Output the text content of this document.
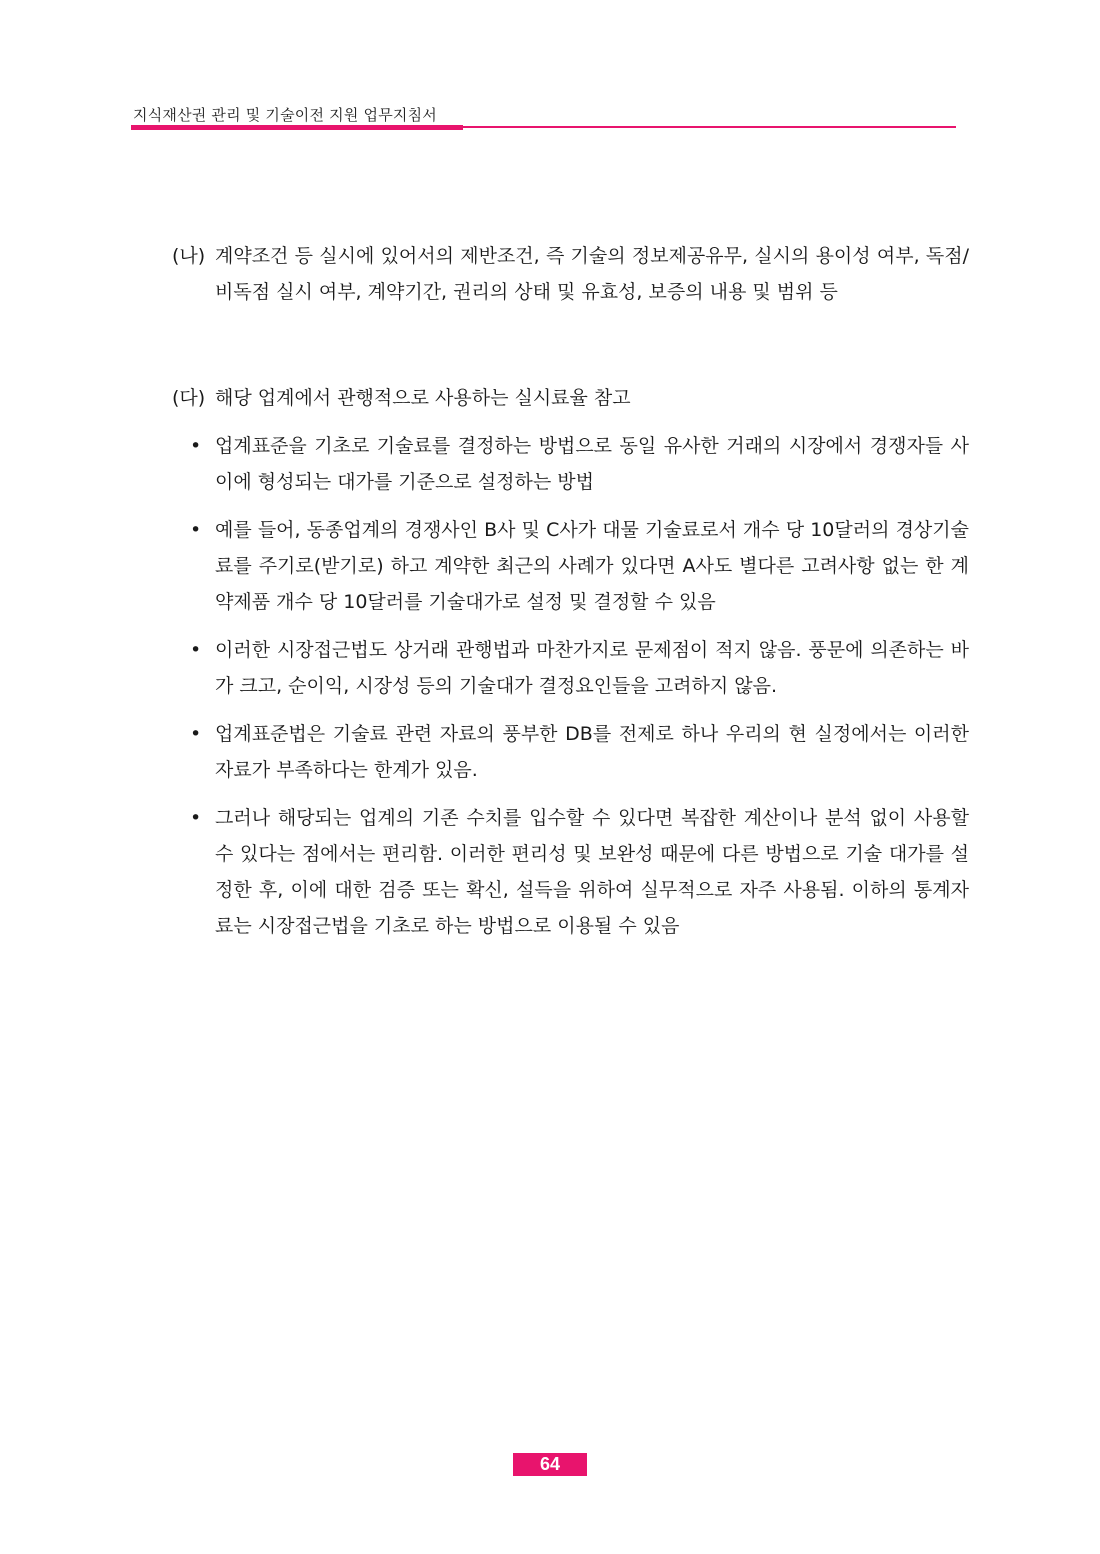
지식재산권 관리 및 기술이전 지원 업무지침서
(나) 계약조건 등 실시에 있어서의 제반조건, 즉 기술의 정보제공유무, 실시의 용이성 여부, 독점/비독점 실시 여부, 계약기간, 권리의 상태 및 유효성, 보증의 내용 및 범위 등
(다) 해당 업계에서 관행적으로 사용하는 실시료율 참고
• 업계표준을 기초로 기술료를 결정하는 방법으로 동일 유사한 거래의 시장에서 경쟁자들 사이에 형성되는 대가를 기준으로 설정하는 방법
• 예를 들어, 동종업계의 경쟁사인 B사 및 C사가 대물 기술료로서 개수 당 10달러의 경상기술료를 주기로(받기로) 하고 계약한 최근의 사례가 있다면 A사도 별다른 고려사항 없는 한 계약제품 개수 당 10달러를 기술대가로 설정 및 결정할 수 있음
• 이러한 시장접근법도 상거래 관행법과 마찬가지로 문제점이 적지 않음. 풍문에 의존하는 바가 크고, 순이익, 시장성 등의 기술대가 결정요인들을 고려하지 않음.
• 업계표준법은 기술료 관련 자료의 풍부한 DB를 전제로 하나 우리의 현 실정에서는 이러한 자료가 부족하다는 한계가 있음.
• 그러나 해당되는 업계의 기존 수치를 입수할 수 있다면 복잡한 계산이나 분석 없이 사용할 수 있다는 점에서는 편리함. 이러한 편리성 및 보완성 때문에 다른 방법으로 기술 대가를 설정한 후, 이에 대한 검증 또는 확신, 설득을 위하여 실무적으로 자주 사용됨. 이하의 통계자료는 시장접근법을 기초로 하는 방법으로 이용될 수 있음
64
